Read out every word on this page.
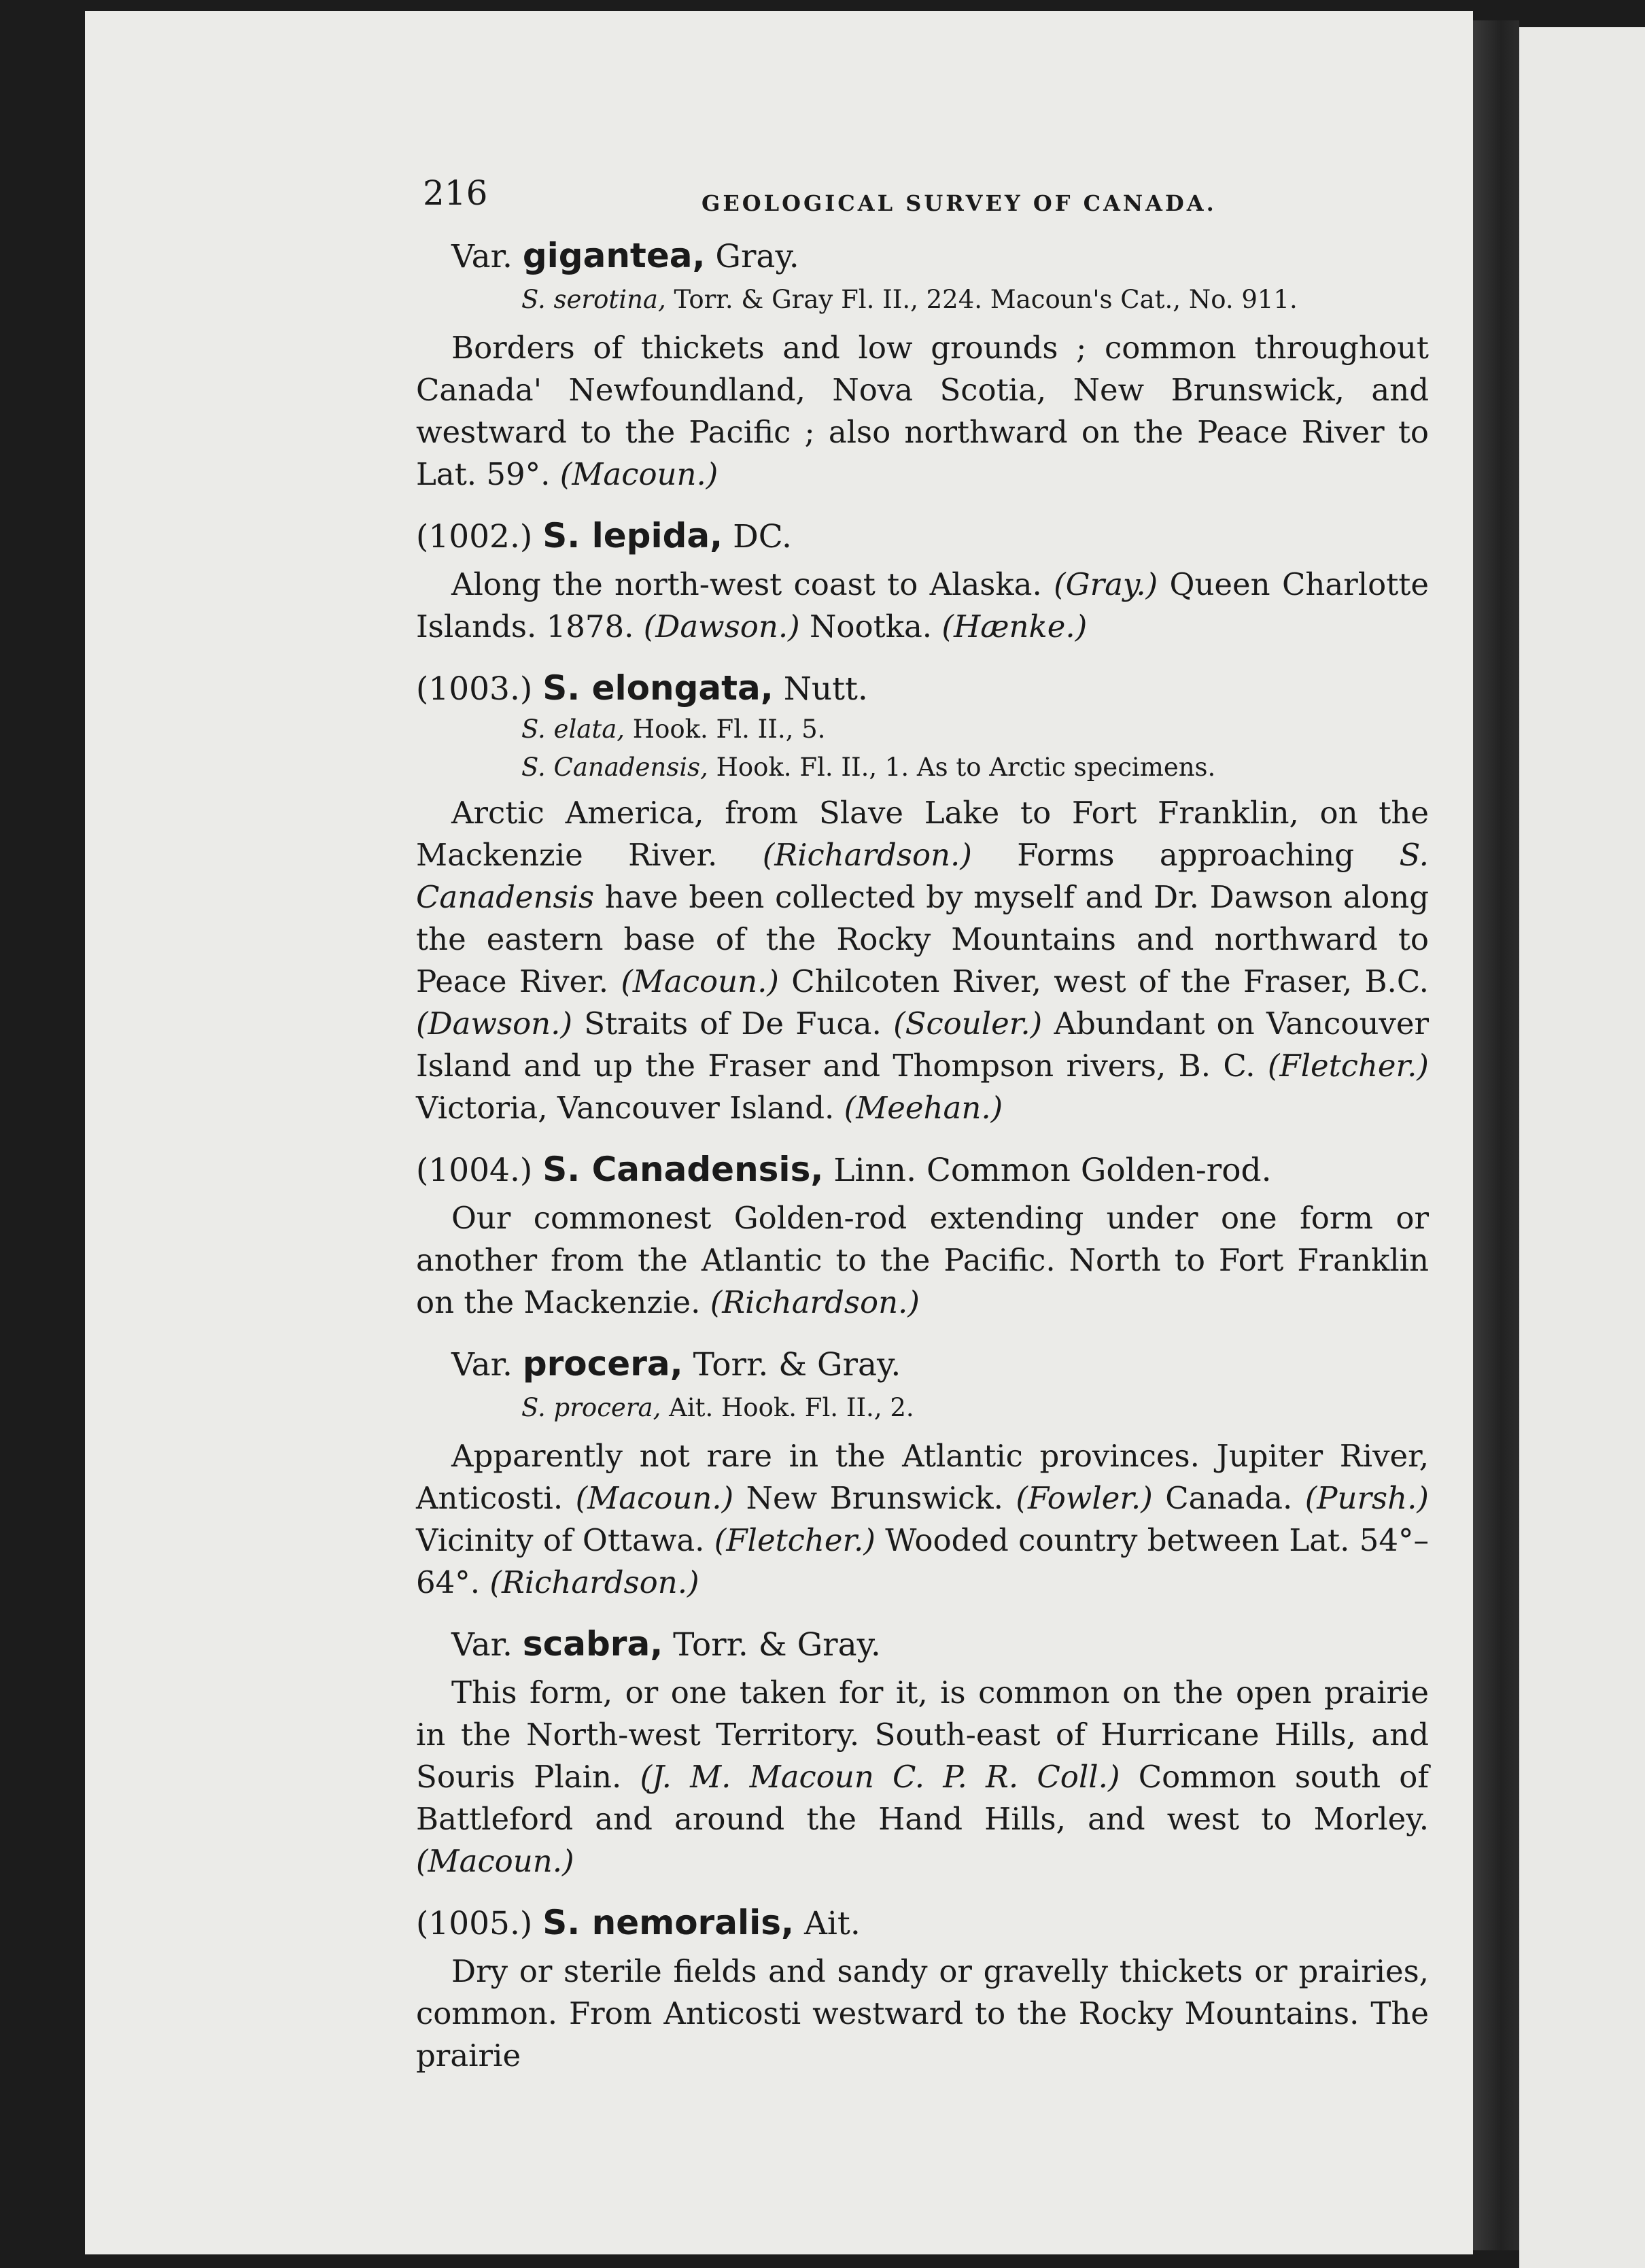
216	GEOLOGICAL SURVEY OF CANADA.

Var. gigantea, Gray.

S. serotina, Torr. & Gray Fl. II., 224. Macoun's Cat., No. 911.

Borders of thickets and low grounds ; common throughout Canada' Newfoundland, Nova Scotia, New Brunswick, and westward to the Pacific ; also northward on the Peace River to Lat. 59°. (Macoun.)

(1002.) S. lepida, DC.

Along the north-west coast to Alaska. (Gray.) Queen Charlotte Islands. 1878. (Dawson.) Nootka. (Hænke.)

(1003.) S. elongata, Nutt.

S. elata, Hook. Fl. II., 5.

S. Canadensis, Hook. Fl. II., 1. As to Arctic specimens.

Arctic America, from Slave Lake to Fort Franklin, on the Mackenzie River. (Richardson.) Forms approaching S. Canadensis have been collected by myself and Dr. Dawson along the eastern base of the Rocky Mountains and northward to Peace River. (Macoun.) Chilcoten River, west of the Fraser, B.C. (Dawson.) Straits of De Fuca. (Scouler.) Abundant on Vancouver Island and up the Fraser and Thompson rivers, B. C. (Fletcher.) Victoria, Vancouver Island. (Meehan.)

(1004.) S. Canadensis, Linn. Common Golden-rod.

Our commonest Golden-rod extending under one form or another from the Atlantic to the Pacific. North to Fort Franklin on the Mackenzie. (Richardson.)

Var. procera, Torr. & Gray.

S. procera, Ait. Hook. Fl. II., 2.

Apparently not rare in the Atlantic provinces. Jupiter River, Anticosti. (Macoun.) New Brunswick. (Fowler.) Canada. (Pursh.) Vicinity of Ottawa. (Fletcher.) Wooded country between Lat. 54°–64°. (Richardson.)

Var. scabra, Torr. & Gray.

This form, or one taken for it, is common on the open prairie in the North-west Territory. South-east of Hurricane Hills, and Souris Plain. (J. M. Macoun C. P. R. Coll.) Common south of Battleford and around the Hand Hills, and west to Morley. (Macoun.)

(1005.) S. nemoralis, Ait.

Dry or sterile fields and sandy or gravelly thickets or prairies, common. From Anticosti westward to the Rocky Mountains. The prairie
